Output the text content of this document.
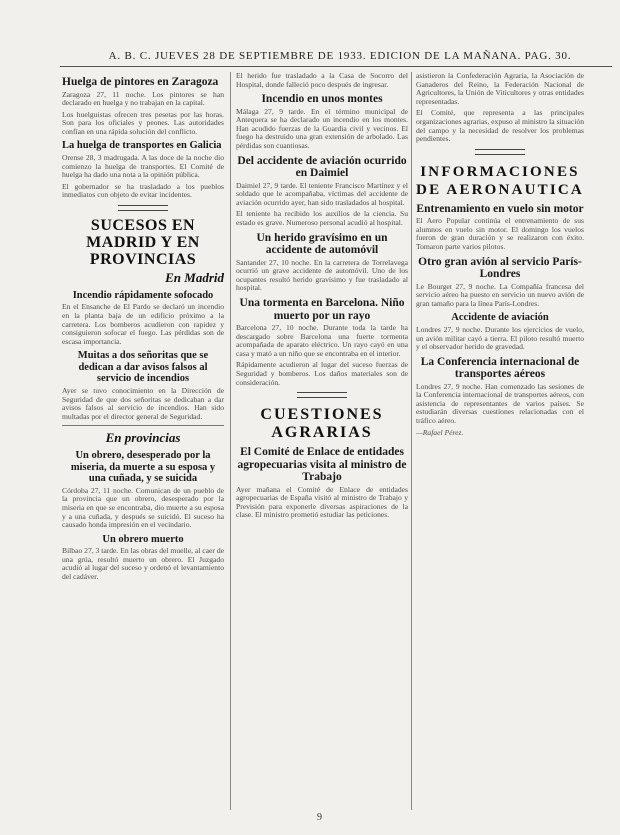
A. B. C. JUEVES 28 DE SEPTIEMBRE DE 1933. EDICION DE LA MAÑANA. PAG. 30.
Huelga de pintores en Zaragoza

Zaragoza 27, 11 noche. Los pintores se han declarado en huelga y no trabajan en la capital.

Los huelguistas ofrecen tres pesetas por las horas. Son para los oficiales y peones. Las autoridades confían en una rápida solución del conflicto.

La huelga de transportes en Galicia

Orense 28, 3 madrugada. A las doce de la noche dio comienzo la huelga de transportes. El Comité de huelga ha dado una nota a la opinión pública.

El gobernador se ha trasladado a los pueblos inmediatos con objeto de evitar incidentes.

SUCESOS EN MADRID Y EN PROVINCIAS
En Madrid
Incendio rápidamente sofocado

En el Ensanche de El Pardo se declaró un incendio en la planta baja de un edificio próximo a la carretera. Los bomberos acudieron con rapidez y consiguieron sofocar el fuego. Las pérdidas son de escasa importancia.

Muitas a dos señoritas que se dedican a dar avisos falsos al servicio de incendios

Ayer se tuvo conocimiento en la Dirección de Seguridad de que dos señoritas se dedicaban a dar avisos falsos al servicio de incendios. Han sido multadas por el director general de Seguridad.

En provincias
Un obrero, desesperado por la miseria, da muerte a su esposa y una cuñada, y se suicida

Córdoba 27, 11 noche. Comunican de un pueblo de la provincia que un obrero, desesperado por la miseria en que se encontraba, dio muerte a su esposa y a una cuñada, y después se suicidó. El suceso ha causado honda impresión en el vecindario.

Un obrero muerto

Bilbao 27, 3 tarde. En las obras del muelle, al caer de una grúa, resultó muerto un obrero. El Juzgado acudió al lugar del suceso y ordenó el levantamiento del cadáver.

El herido fue trasladado a la Casa de Socorro del Hospital, donde falleció poco después de ingresar.

Incendio en unos montes

Málaga 27, 9 tarde. En el término municipal de Antequera se ha declarado un incendio en los montes. Han acudido fuerzas de la Guardia civil y vecinos. El fuego ha destruido una gran extensión de arbolado. Las pérdidas son cuantiosas.

Del accidente de aviación ocurrido en Daimiel

Daimiel 27, 9 tarde. El teniente Francisco Martínez y el soldado que le acompañaba, víctimas del accidente de aviación ocurrido ayer, han sido trasladados al hospital.

El teniente ha recibido los auxilios de la ciencia. Su estado es grave. Numeroso personal acudió al hospital.

Un herido gravísimo en un accidente de automóvil

Santander 27, 10 noche. En la carretera de Torrelavega ocurrió un grave accidente de automóvil. Uno de los ocupantes resultó herido gravísimo y fue trasladado al hospital.

Una tormenta en Barcelona. Niño muerto por un rayo

Barcelona 27, 10 noche. Durante toda la tarde ha descargado sobre Barcelona una fuerte tormenta acompañada de aparato eléctrico. Un rayo cayó en una casa y mató a un niño que se encontraba en el interior.

Rápidamente acudieron al lugar del suceso fuerzas de Seguridad y bomberos. Los daños materiales son de consideración.

CUESTIONES AGRARIAS
El Comité de Enlace de entidades agropecuarias visita al ministro de Trabajo

Ayer mañana el Comité de Enlace de entidades agropecuarias de España visitó al ministro de Trabajo y Previsión para exponerle diversas aspiraciones de la clase. El ministro prometió estudiar las peticiones.

asistieron la Confederación Agraria, la Asociación de Ganaderos del Reino, la Federación Nacional de Agricultores, la Unión de Viticultores y otras entidades representadas.

El Comité, que representa a las principales organizaciones agrarias, expuso al ministro la situación del campo y la necesidad de resolver los problemas pendientes.

INFORMACIONES DE AERONAUTICA
Entrenamiento en vuelo sin motor

El Aero Popular continúa el entrenamiento de sus alumnos en vuelo sin motor. El domingo los vuelos fueron de gran duración y se realizaron con éxito. Tomaron parte varios pilotos.

Otro gran avión al servicio París-Londres

Le Bourget 27, 9 noche. La Compañía francesa del servicio aéreo ha puesto en servicio un nuevo avión de gran tamaño para la línea París-Londres.

Accidente de aviación

Londres 27, 9 noche. Durante los ejercicios de vuelo, un avión militar cayó a tierra. El piloto resultó muerto y el observador herido de gravedad.

La Conferencia internacional de transportes aéreos

Londres 27, 9 noche. Han comenzado las sesiones de la Conferencia internacional de transportes aéreos, con asistencia de representantes de varios países. Se estudiarán diversas cuestiones relacionadas con el tráfico aéreo.

—Rafael Pérez.

9
